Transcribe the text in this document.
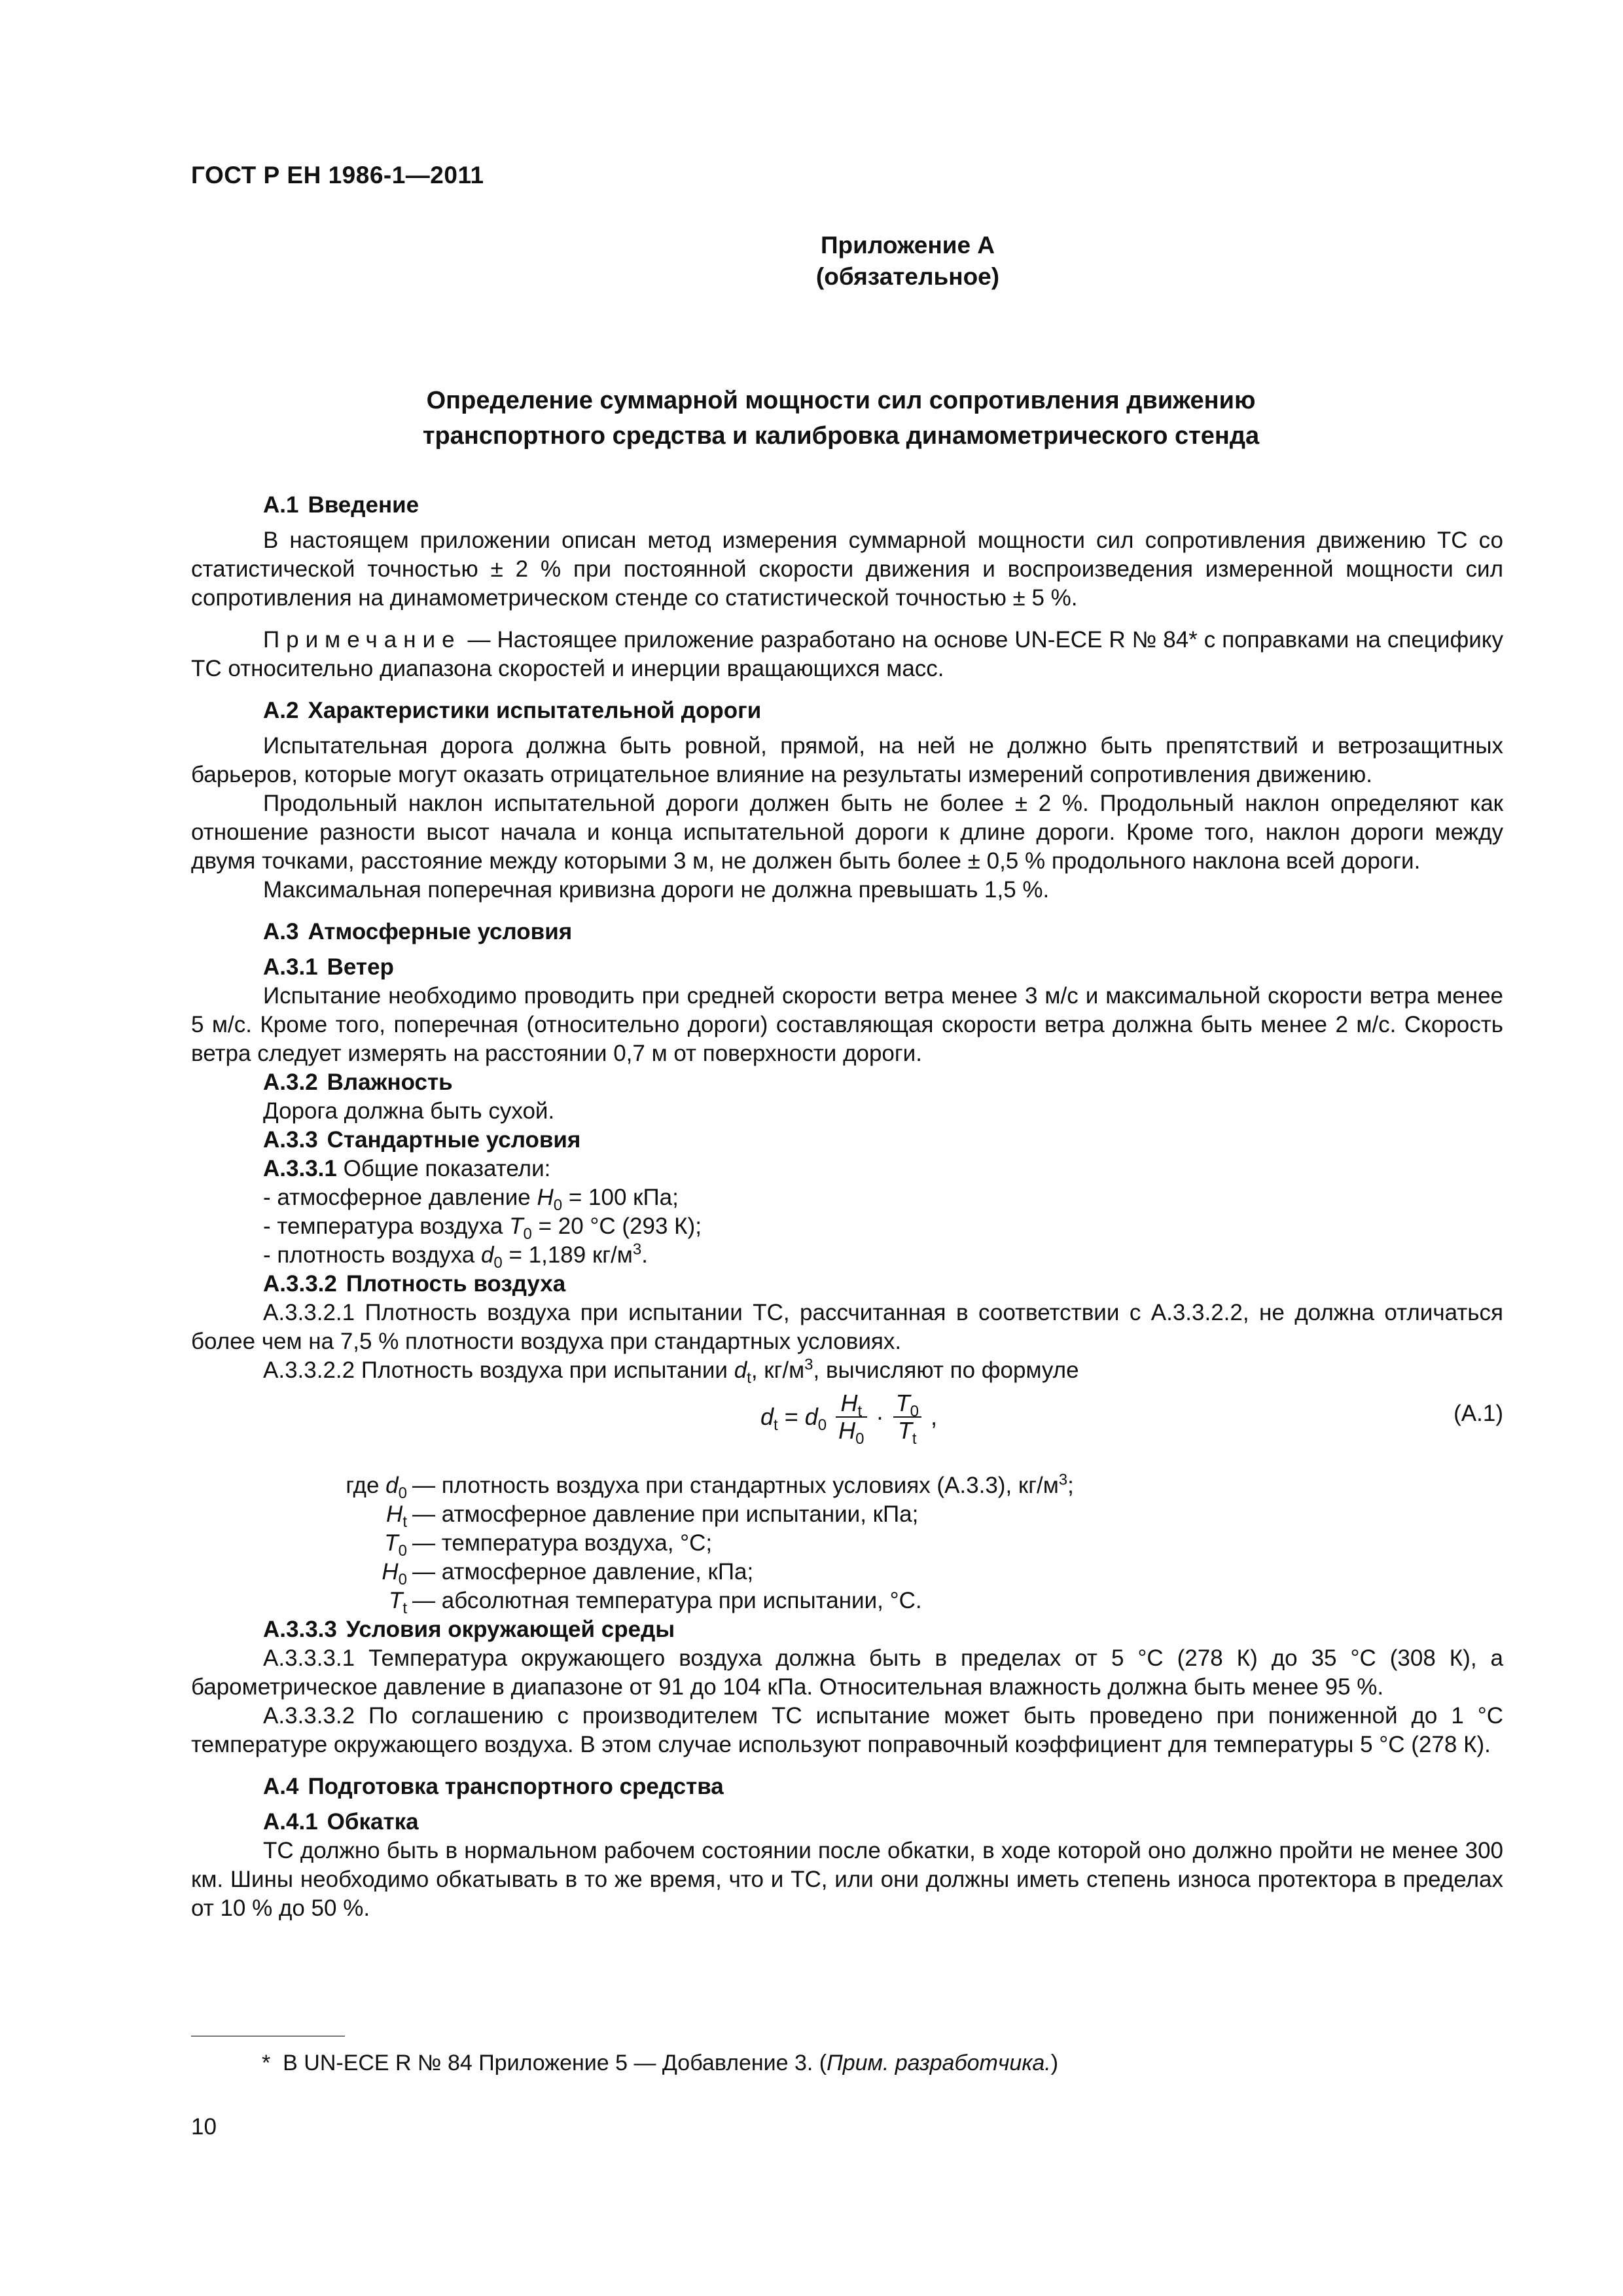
ГОСТ Р ЕН 1986-1—2011
Приложение А
(обязательное)
Определение суммарной мощности сил сопротивления движению
транспортного средства и калибровка динамометрического стенда
А.1 Введение

В настоящем приложении описан метод измерения суммарной мощности сил сопротивления движению ТС со статистической точностью ± 2 % при постоянной скорости движения и воспроизведения измеренной мощности сил сопротивления на динамометрическом стенде со статистической точностью ± 5 %.

Примечание — Настоящее приложение разработано на основе UN-ECE R № 84* с поправками на специфику ТС относительно диапазона скоростей и инерции вращающихся масс.

А.2 Характеристики испытательной дороги

Испытательная дорога должна быть ровной, прямой, на ней не должно быть препятствий и ветрозащитных барьеров, которые могут оказать отрицательное влияние на результаты измерений сопротивления движению.

Продольный наклон испытательной дороги должен быть не более ± 2 %. Продольный наклон определяют как отношение разности высот начала и конца испытательной дороги к длине дороги. Кроме того, наклон дороги между двумя точками, расстояние между которыми 3 м, не должен быть более ± 0,5 % продольного наклона всей дороги.

Максимальная поперечная кривизна дороги не должна превышать 1,5 %.

А.3 Атмосферные условия
А.3.1 Ветер

Испытание необходимо проводить при средней скорости ветра менее 3 м/с и максимальной скорости ветра менее 5 м/с. Кроме того, поперечная (относительно дороги) составляющая скорости ветра должна быть менее 2 м/с. Скорость ветра следует измерять на расстоянии 0,7 м от поверхности дороги.

А.3.2 Влажность

Дорога должна быть сухой.

А.3.3 Стандартные условия

А.3.3.1 Общие показатели:

- атмосферное давление $H_0 = 100$ кПа;

- температура воздуха $T_0 = 20$ °С (293 К);

- плотность воздуха $d_0 = 1,189$ $кг/м^3$.

А.3.3.2 Плотность воздуха

А.3.3.2.1 Плотность воздуха при испытании ТС, рассчитанная в соответствии с А.3.3.2.2, не должна отличаться более чем на 7,5 % плотности воздуха при стандартных условиях.

А.3.3.2.2 Плотность воздуха при испытании $d_t$, $кг/м^3$, вычисляют по формуле

$d_t = d_0 \frac{H_t}{H_0} \cdot \frac{T_0}{T_t}$ ,	(А.1)
где $d_0$ — плотность воздуха при стандартных условиях (А.3.3), $кг/м^3$;
$H_t$ — атмосферное давление при испытании, кПа;
$T_0$ — температура воздуха, °С;
$H_0$ — атмосферное давление, кПа;
$T_t$ — абсолютная температура при испытании, °С.
А.3.3.3 Условия окружающей среды

А.3.3.3.1 Температура окружающего воздуха должна быть в пределах от 5 °С (278 К) до 35 °С (308 К), а барометрическое давление в диапазоне от 91 до 104 кПа. Относительная влажность должна быть менее 95 %.

А.3.3.3.2 По соглашению с производителем ТС испытание может быть проведено при пониженной до 1 °С температуре окружающего воздуха. В этом случае используют поправочный коэффициент для температуры 5 °С (278 К).

А.4 Подготовка транспортного средства
А.4.1 Обкатка

ТС должно быть в нормальном рабочем состоянии после обкатки, в ходе которой оно должно пройти не менее 300 км. Шины необходимо обкатывать в то же время, что и ТС, или они должны иметь степень износа протектора в пределах от 10 % до 50 %.

* В UN-ECE R № 84 Приложение 5 — Добавление 3. (Прим. разработчика.)
10
